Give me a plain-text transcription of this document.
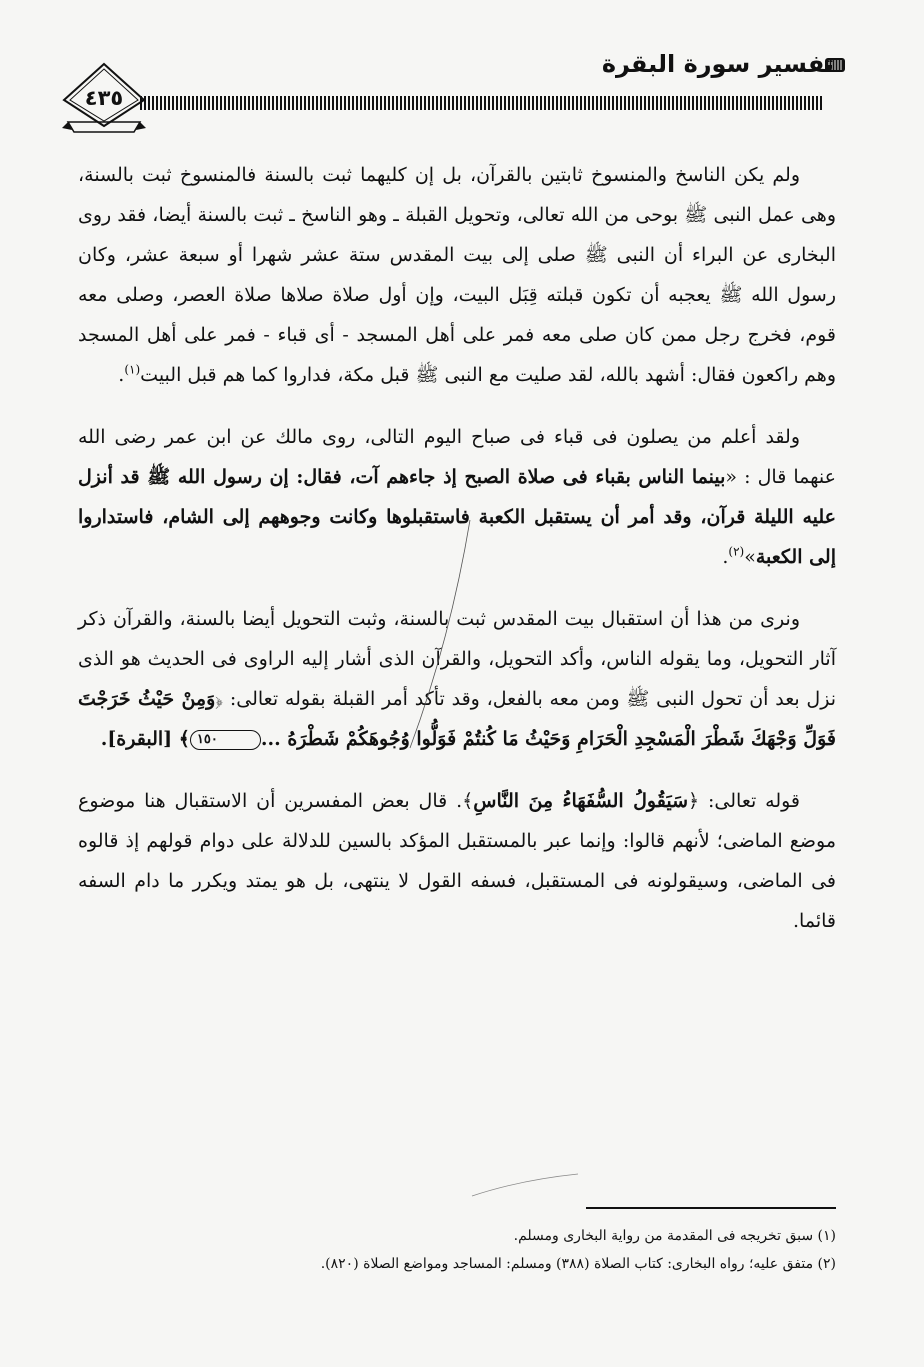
تفسير سورة البقرة
٤٣٥

ولم يكن الناسخ والمنسوخ ثابتين بالقرآن، بل إن كليهما ثبت بالسنة فالمنسوخ ثبت بالسنة، وهى عمل النبى ﷺ بوحى من الله تعالى، وتحويل القبلة ـ وهو الناسخ ـ ثبت بالسنة أيضا، فقد روى البخارى عن البراء أن النبى ﷺ صلى إلى بيت المقدس ستة عشر شهرا أو سبعة عشر، وكان رسول الله ﷺ يعجبه أن تكون قبلته قِبَل البيت، وإن أول صلاة صلاها صلاة العصر، وصلى معه قوم، فخرج رجل ممن كان صلى معه فمر على أهل المسجد - أى قباء - فمر على أهل المسجد وهم راكعون فقال: أشهد بالله، لقد صليت مع النبى ﷺ قبل مكة، فداروا كما هم قبل البيت$^{(١)}$.

ولقد أعلم من يصلون فى قباء فى صباح اليوم التالى، روى مالك عن ابن عمر رضى الله عنهما قال : «بينما الناس بقباء فى صلاة الصبح إذ جاءهم آت، فقال: إن رسول الله ﷺ قد أنزل عليه الليلة قرآن، وقد أمر أن يستقبل الكعبة فاستقبلوها وكانت وجوههم إلى الشام، فاستداروا إلى الكعبة»$^{(٢)}$.

ونرى من هذا أن استقبال بيت المقدس ثبت بالسنة، وثبت التحويل أيضا بالسنة، والقرآن ذكر آثار التحويل، وما يقوله الناس، وأكد التحويل، والقرآن الذى أشار إليه الراوى فى الحديث هو الذى نزل بعد أن تحول النبى ﷺ ومن معه بالفعل، وقد تأكد أمر القبلة بقوله تعالى: ﴿وَمِنْ حَيْثُ خَرَجْتَ فَوَلِّ وَجْهَكَ شَطْرَ الْمَسْجِدِ الْحَرَامِ وَحَيْثُ مَا كُنتُمْ فَوَلُّوا وُجُوهَكُمْ شَطْرَهُ ...١٥٠﴾ [البقرة].

قوله تعالى: ﴿سَيَقُولُ السُّفَهَاءُ مِنَ النَّاسِ﴾. قال بعض المفسرين أن الاستقبال هنا موضوع موضع الماضى؛ لأنهم قالوا: وإنما عبر بالمستقبل المؤكد بالسين للدلالة على دوام قولهم إذ قالوه فى الماضى، وسيقولونه فى المستقبل، فسفه القول لا ينتهى، بل هو يمتد ويكرر ما دام السفه قائما.

(١) سبق تخريجه فى المقدمة من رواية البخارى ومسلم.

(٢) متفق عليه؛ رواه البخارى: كتاب الصلاة (٣٨٨) ومسلم: المساجد ومواضع الصلاة (٨٢٠).
